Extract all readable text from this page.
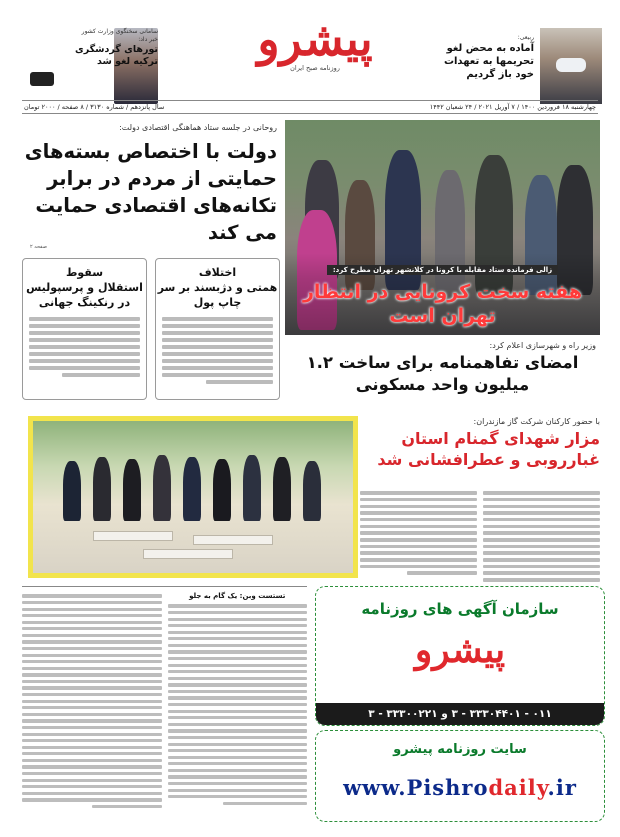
سامانی سخنگوی وزارت کشور
خبر داد:
تورهای گردشگری ترکیه لغو شد	پیشرو
روزنامه صبح ایران
ربیعی:
آماده به محض لغو تحریمها به تعهدات خود باز گردیم
چهارشنبه ۱۸ فروردین ۱۴۰۰ / ۷ آوریل ۲۰۲۱ / ۲۴ شعبان ۱۴۴۲
سال پانزدهم / شماره ۳۱۳۰ / ۸ صفحه / ۲۰۰۰ تومان
زالی فرمانده ستاد مقابله با کرونا در کلانشهر تهران مطرح کرد:
هفته سخت کرونایی در انتظار تهران است
روحانی در جلسه ستاد هماهنگی اقتصادی دولت:
دولت با اختصاص بسته‌های حمایتی از مردم در برابر تکانه‌های اقتصادی حمایت می کند
صفحه ۲
اختلاف
همتی و دژبسند بر سر چاپ پول
سقوط
استقلال و پرسپولیس در رنکینگ جهانی
وزیر راه و شهرسازی اعلام کرد:
امضای تفاهمنامه برای ساخت ۱.۲ میلیون واحد مسکونی
با حضور کارکنان شرکت گاز مازندران:
مزار شهدای گمنام استان غبارروبی و عطرافشانی شد
تستست وبن: یک گام به جلو
سازمان آگهی های روزنامه
پیشرو
۰۱۱ - ۳۳۳۰۴۴۰۱ - ۳ و ۳۳۳۰۰۲۲۱ - ۳
سایت روزنامه پیشرو
www.Pishrodaily.ir
